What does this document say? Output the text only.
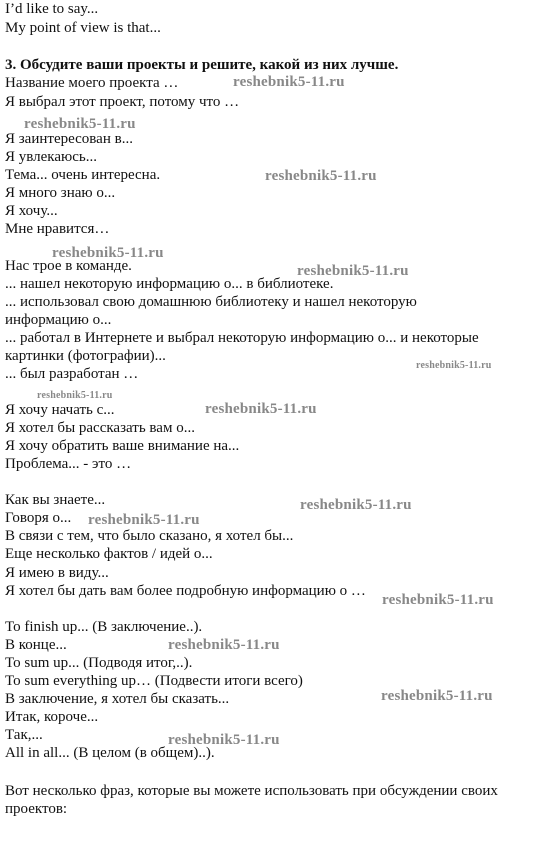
I’d like to say...
My point of view is that...
3. Обсудите ваши проекты и решите, какой из них лучше.
Название моего проекта …
Я выбрал этот проект, потому что …
Я заинтересован в...
Я увлекаюсь...
Тема... очень интересна.
Я много знаю о...
Я хочу...
Мне нравится…
Нас трое в команде.
... нашел некоторую информацию о... в библиотеке.
... использовал свою домашнюю библиотеку и нашел некоторую
информацию о...
... работал в Интернете и выбрал некоторую информацию о... и некоторые
картинки (фотографии)...
... был разработан …
Я хочу начать с...
Я хотел бы рассказать вам о...
Я хочу обратить ваше внимание на...
Проблема... - это …
Как вы знаете...
Говоря о...
В связи с тем, что было сказано, я хотел бы...
Еще несколько фактов / идей о...
Я имею в виду...
Я хотел бы дать вам более подробную информацию о …
To finish up... (В заключение..).
В конце...
To sum up... (Подводя итог,..).
To sum everything up… (Подвести итоги всего)
В заключение, я хотел бы сказать...
Итак, короче...
Так,...
All in all... (В целом (в общем)..).
Вот несколько фраз, которые вы можете использовать при обсуждении своих
проектов:
reshebnik5-11.ru
reshebnik5-11.ru
reshebnik5-11.ru
reshebnik5-11.ru
reshebnik5-11.ru
reshebnik5-11.ru
reshebnik5-11.ru
reshebnik5-11.ru
reshebnik5-11.ru
reshebnik5-11.ru
reshebnik5-11.ru
reshebnik5-11.ru
reshebnik5-11.ru
reshebnik5-11.ru
